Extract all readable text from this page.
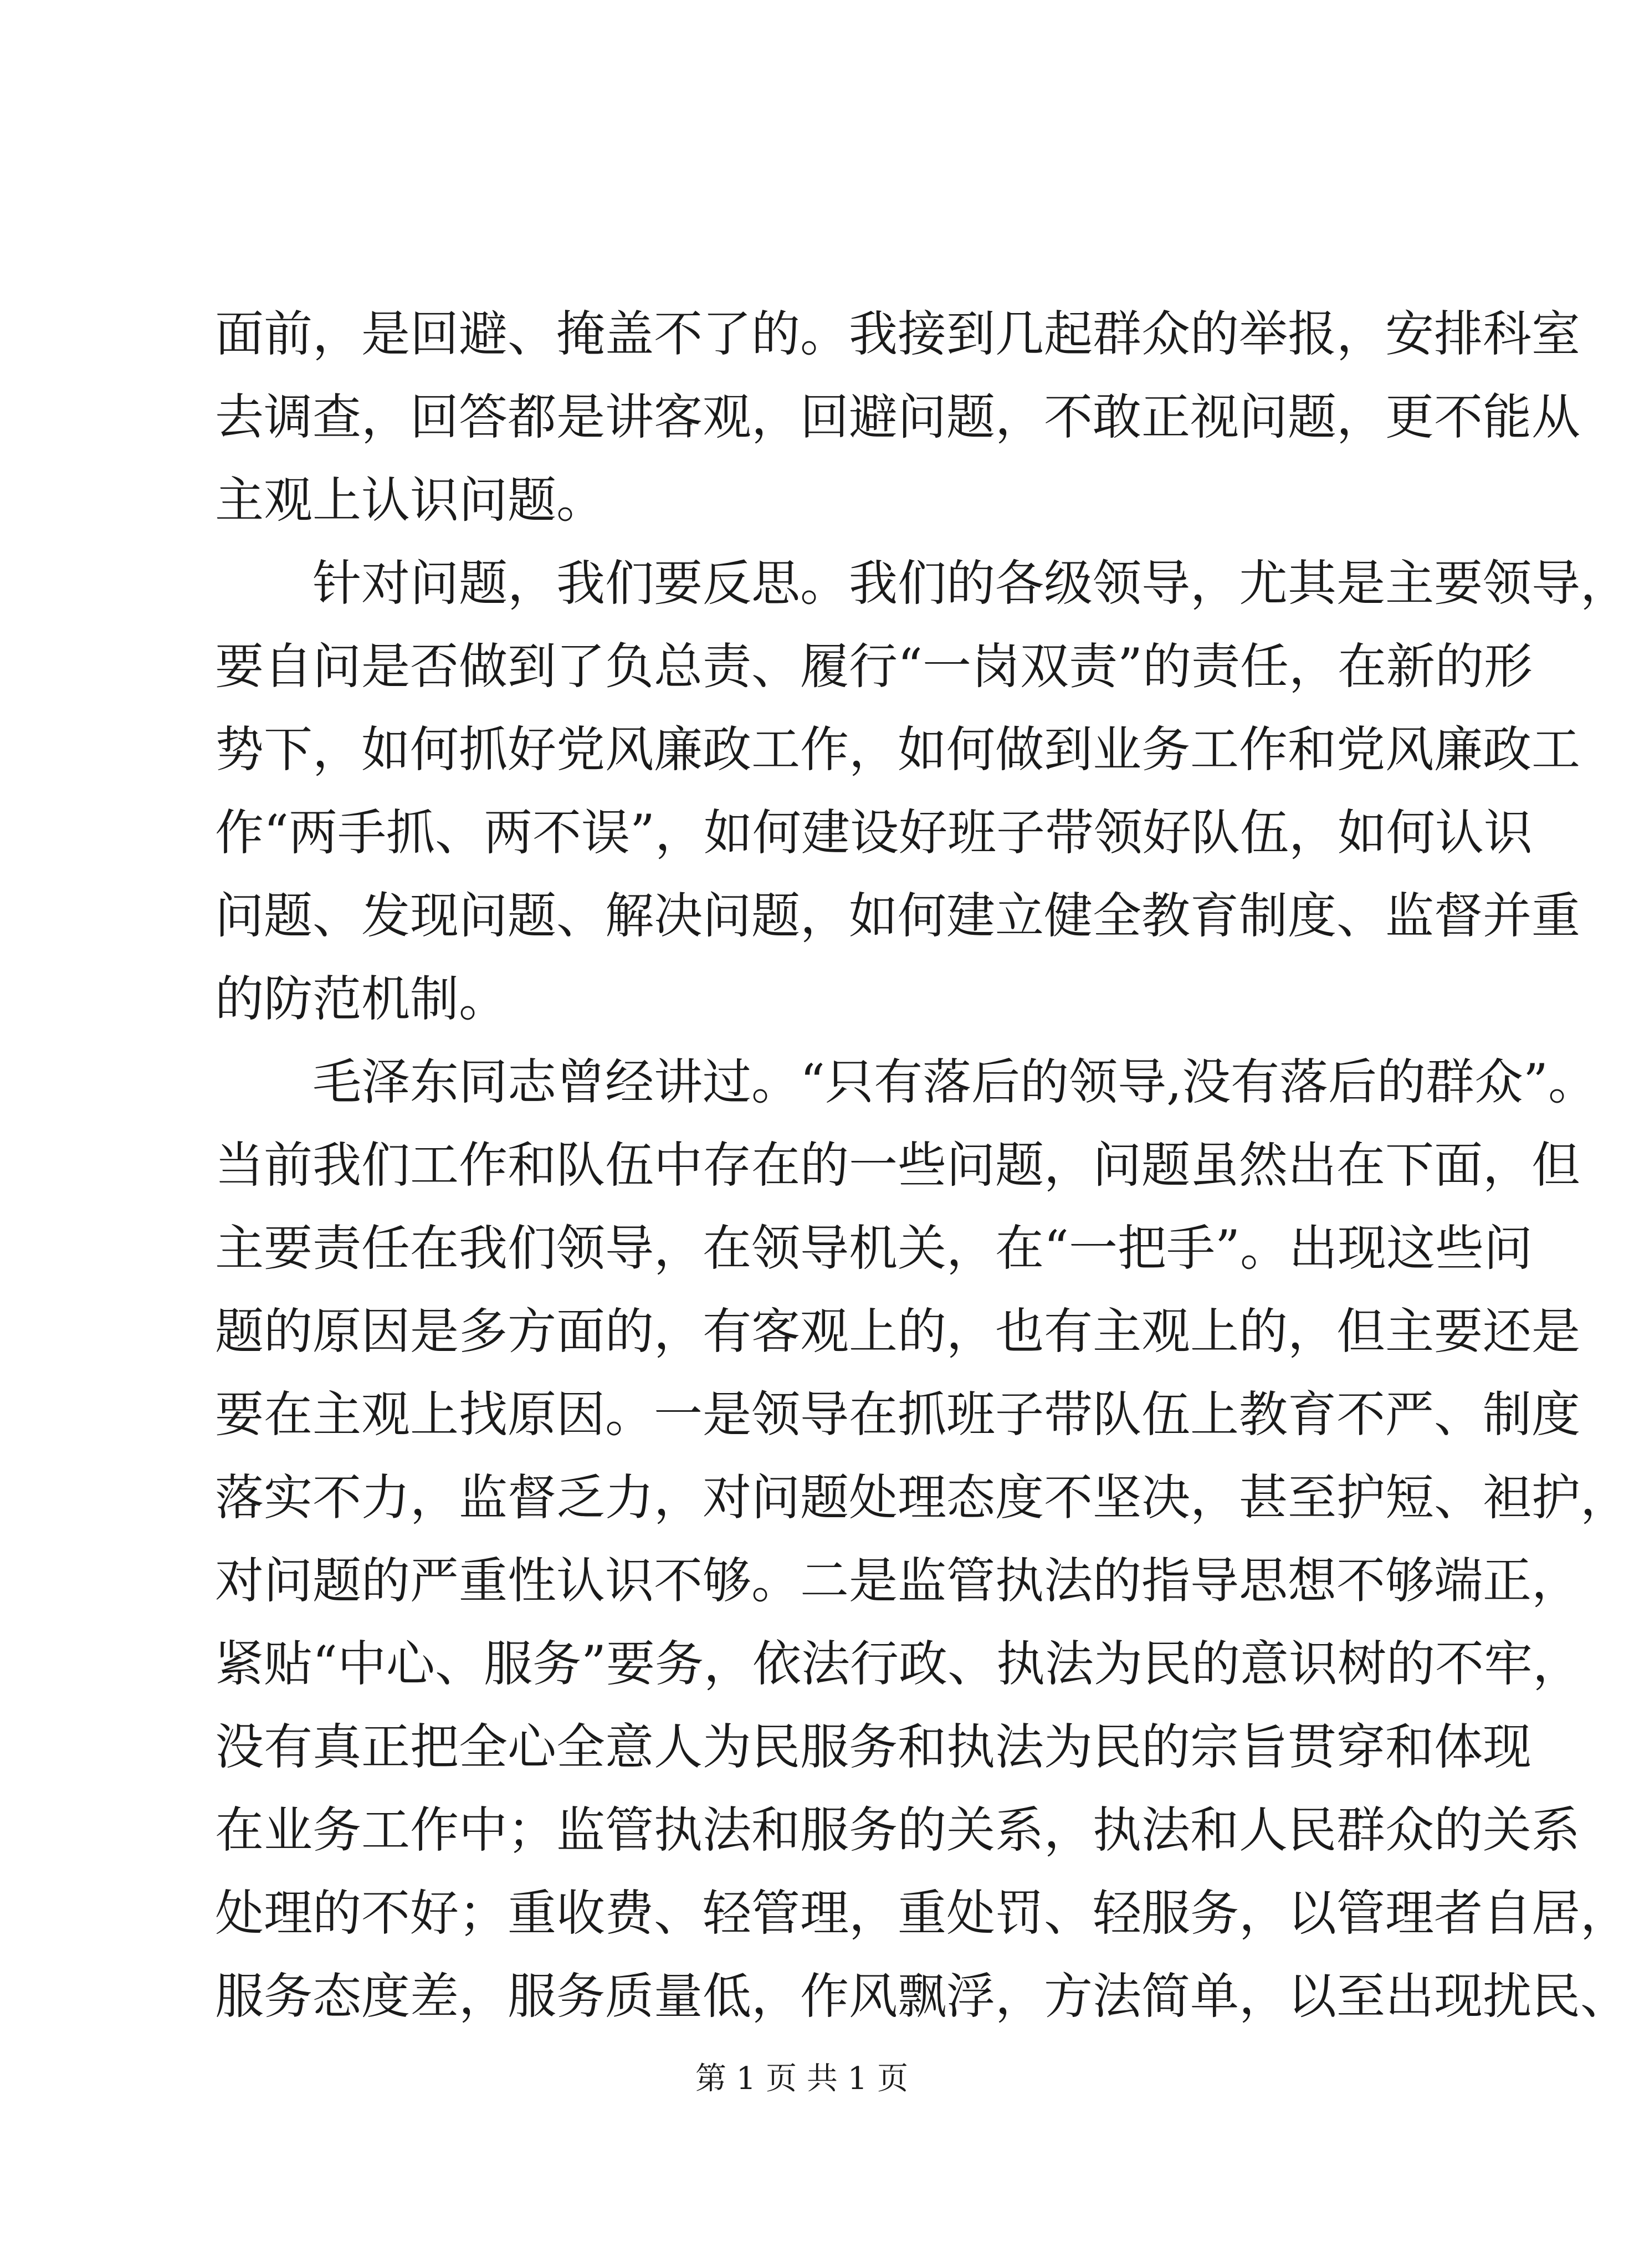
面前，是回避、掩盖不了的。我接到几起群众的举报，安排科室
去调查，回答都是讲客观，回避问题，不敢正视问题，更不能从
主观上认识问题。
针对问题，我们要反思。我们的各级领导，尤其是主要领导，
要自问是否做到了负总责、履行“一岗双责”的责任，在新的形
势下，如何抓好党风廉政工作，如何做到业务工作和党风廉政工
作“两手抓、两不误”，如何建设好班子带领好队伍，如何认识
问题、发现问题、解决问题，如何建立健全教育制度、监督并重
的防范机制。
毛泽东同志曾经讲过。“只有落后的领导,没有落后的群众”。
当前我们工作和队伍中存在的一些问题，问题虽然出在下面，但
主要责任在我们领导，在领导机关，在“一把手”。出现这些问
题的原因是多方面的，有客观上的，也有主观上的，但主要还是
要在主观上找原因。一是领导在抓班子带队伍上教育不严、制度
落实不力，监督乏力，对问题处理态度不坚决，甚至护短、袒护，
对问题的严重性认识不够。二是监管执法的指导思想不够端正，
紧贴“中心、服务”要务，依法行政、执法为民的意识树的不牢，
没有真正把全心全意人为民服务和执法为民的宗旨贯穿和体现
在业务工作中；监管执法和服务的关系，执法和人民群众的关系
处理的不好；重收费、轻管理，重处罚、轻服务，以管理者自居，
服务态度差，服务质量低，作风飘浮，方法简单，以至出现扰民、
第 1 页 共 1 页
